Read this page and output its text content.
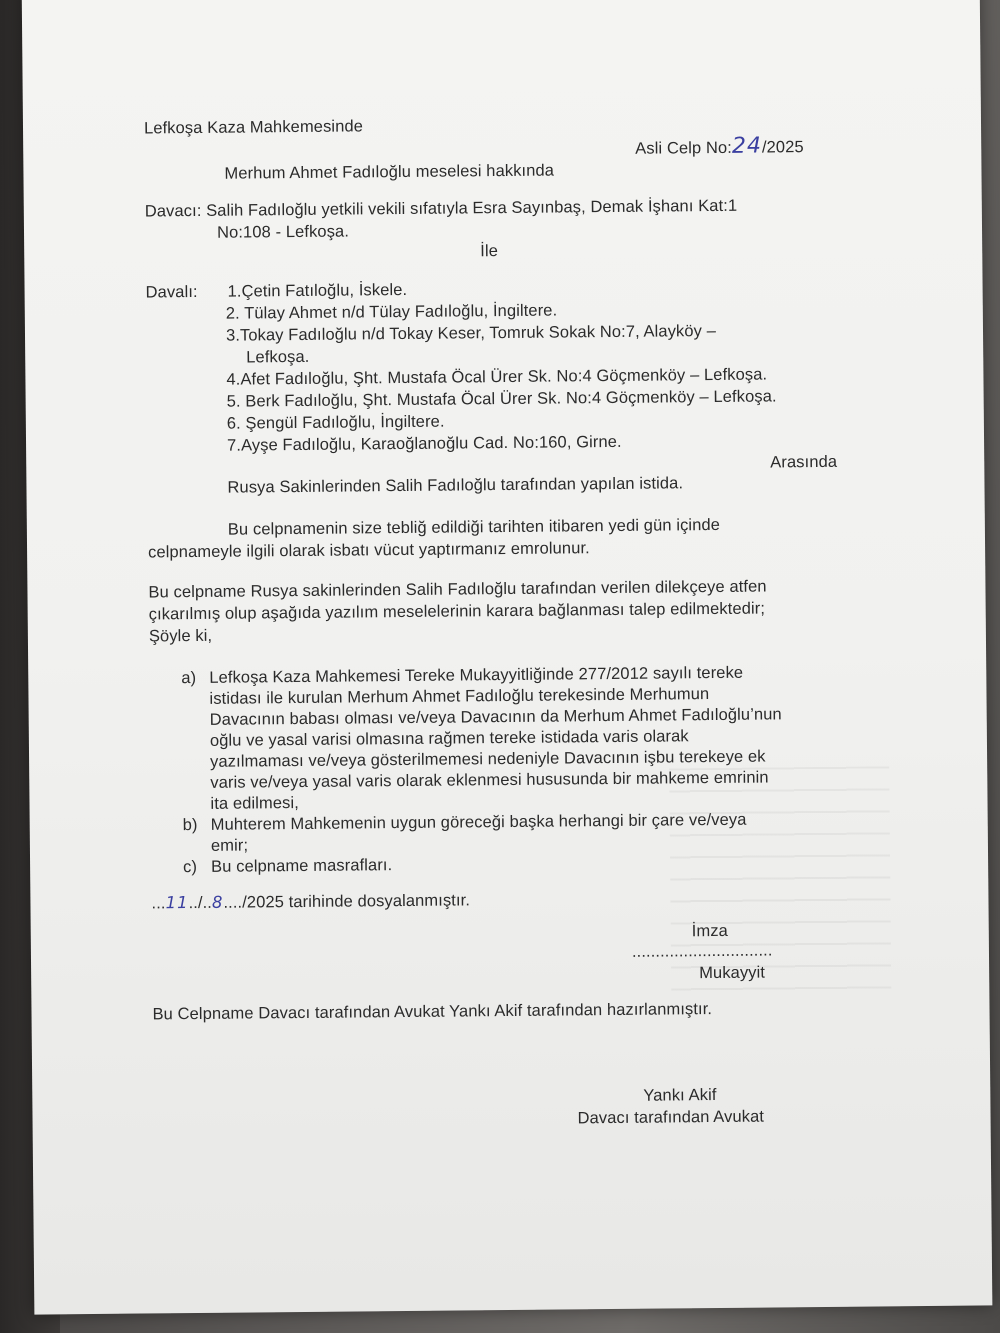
Lefkoşa Kaza Mahkemesinde
Asli Celp No:24/2025
Merhum Ahmet Fadıloğlu meselesi hakkında
Davacı: Salih Fadıloğlu yetkili vekili sıfatıyla Esra Sayınbaş, Demak İşhanı Kat:1
No:108 - Lefkoşa.
İle
Davalı: 1.Çetin Fatıloğlu, İskele.
2. Tülay Ahmet n/d Tülay Fadıloğlu, İngiltere.
3.Tokay Fadıloğlu n/d Tokay Keser, Tomruk Sokak No:7, Alayköy –
Lefkoşa.
4.Afet Fadıloğlu, Şht. Mustafa Öcal Ürer Sk. No:4 Göçmenköy – Lefkoşa.
5. Berk Fadıloğlu, Şht. Mustafa Öcal Ürer Sk. No:4 Göçmenköy – Lefkoşa.
6. Şengül Fadıloğlu, İngiltere.
7.Ayşe Fadıloğlu, Karaoğlanoğlu Cad. No:160, Girne.
Arasında
Rusya Sakinlerinden Salih Fadıloğlu tarafından yapılan istida.
Bu celpnamenin size tebliğ edildiği tarihten itibaren yedi gün içinde
celpnameyle ilgili olarak isbatı vücut yaptırmanız emrolunur.
Bu celpname Rusya sakinlerinden Salih Fadıloğlu tarafından verilen dilekçeye atfen
çıkarılmış olup aşağıda yazılım meselelerinin karara bağlanması talep edilmektedir;
Şöyle ki,
a) Lefkoşa Kaza Mahkemesi Tereke Mukayyitliğinde 277/2012 sayılı tereke
istidası ile kurulan Merhum Ahmet Fadıloğlu terekesinde Merhumun
Davacının babası olması ve/veya Davacının da Merhum Ahmet Fadıloğlu’nun
oğlu ve yasal varisi olmasına rağmen tereke istidada varis olarak
yazılmaması ve/veya gösterilmemesi nedeniyle Davacının işbu terekeye ek
varis ve/veya yasal varis olarak eklenmesi hususunda bir mahkeme emrinin
ita edilmesi,
b) Muhterem Mahkemenin uygun göreceği başka herhangi bir çare ve/veya
emir;
c) Bu celpname masrafları.
...11../..8..../2025 tarihinde dosyalanmıştır.
İmza
..............................
Mukayyit
Bu Celpname Davacı tarafından Avukat Yankı Akif tarafından hazırlanmıştır.
Yankı Akif
Davacı tarafından Avukat
